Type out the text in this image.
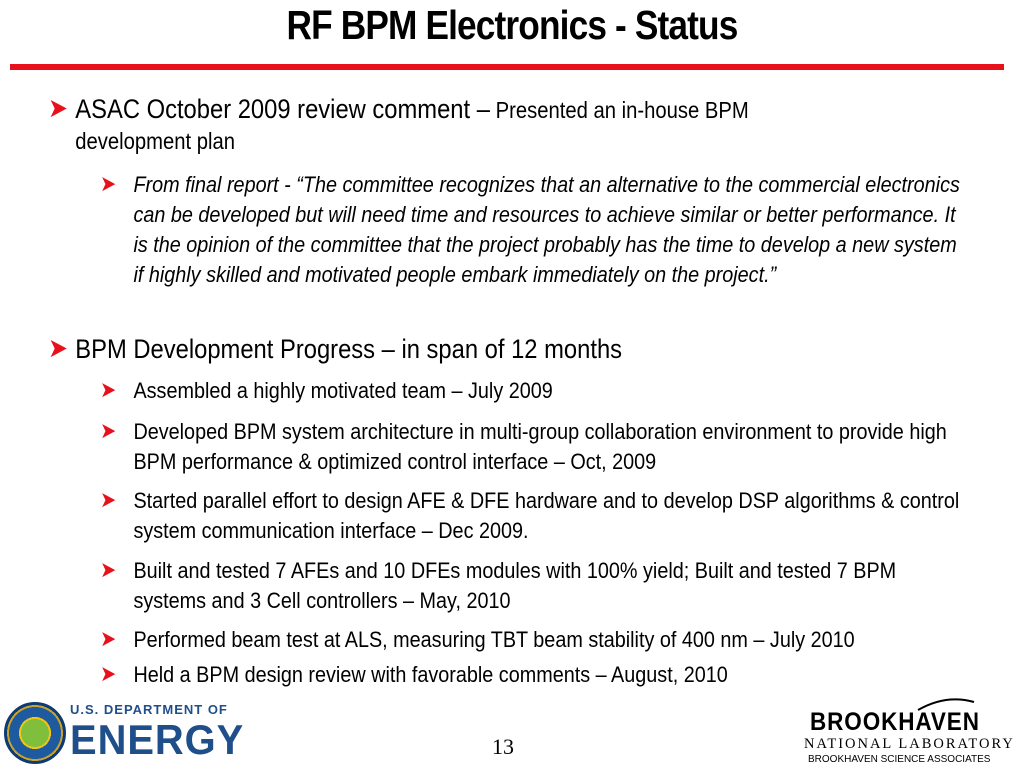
RF BPM Electronics - Status
➤ ASAC October 2009 review comment – Presented an in-house BPM development plan
➤ From final report - “The committee recognizes that an alternative to the commercial electronics can be developed but will need time and resources to achieve similar or better performance. It is the opinion of the committee that the project probably has the time to develop a new system if highly skilled and motivated people embark immediately on the project.”
➤ BPM Development Progress – in span of 12 months
➤ Assembled a highly motivated team – July 2009
➤ Developed BPM system architecture in multi-group collaboration environment to provide high BPM performance & optimized control interface – Oct, 2009
➤ Started parallel effort to design AFE & DFE hardware and to develop DSP algorithms & control system communication interface – Dec 2009.
➤ Built and tested 7 AFEs and 10 DFEs modules with 100% yield; Built and tested 7 BPM systems and 3 Cell controllers – May, 2010
➤ Performed beam test at ALS, measuring TBT beam stability of 400 nm – July 2010
➤ Held a BPM design review with favorable comments – August, 2010
U.S. DEPARTMENT OF
ENERGY	13
BROOKHAVEN
NATIONAL LABORATORY
BROOKHAVEN SCIENCE ASSOCIATES
